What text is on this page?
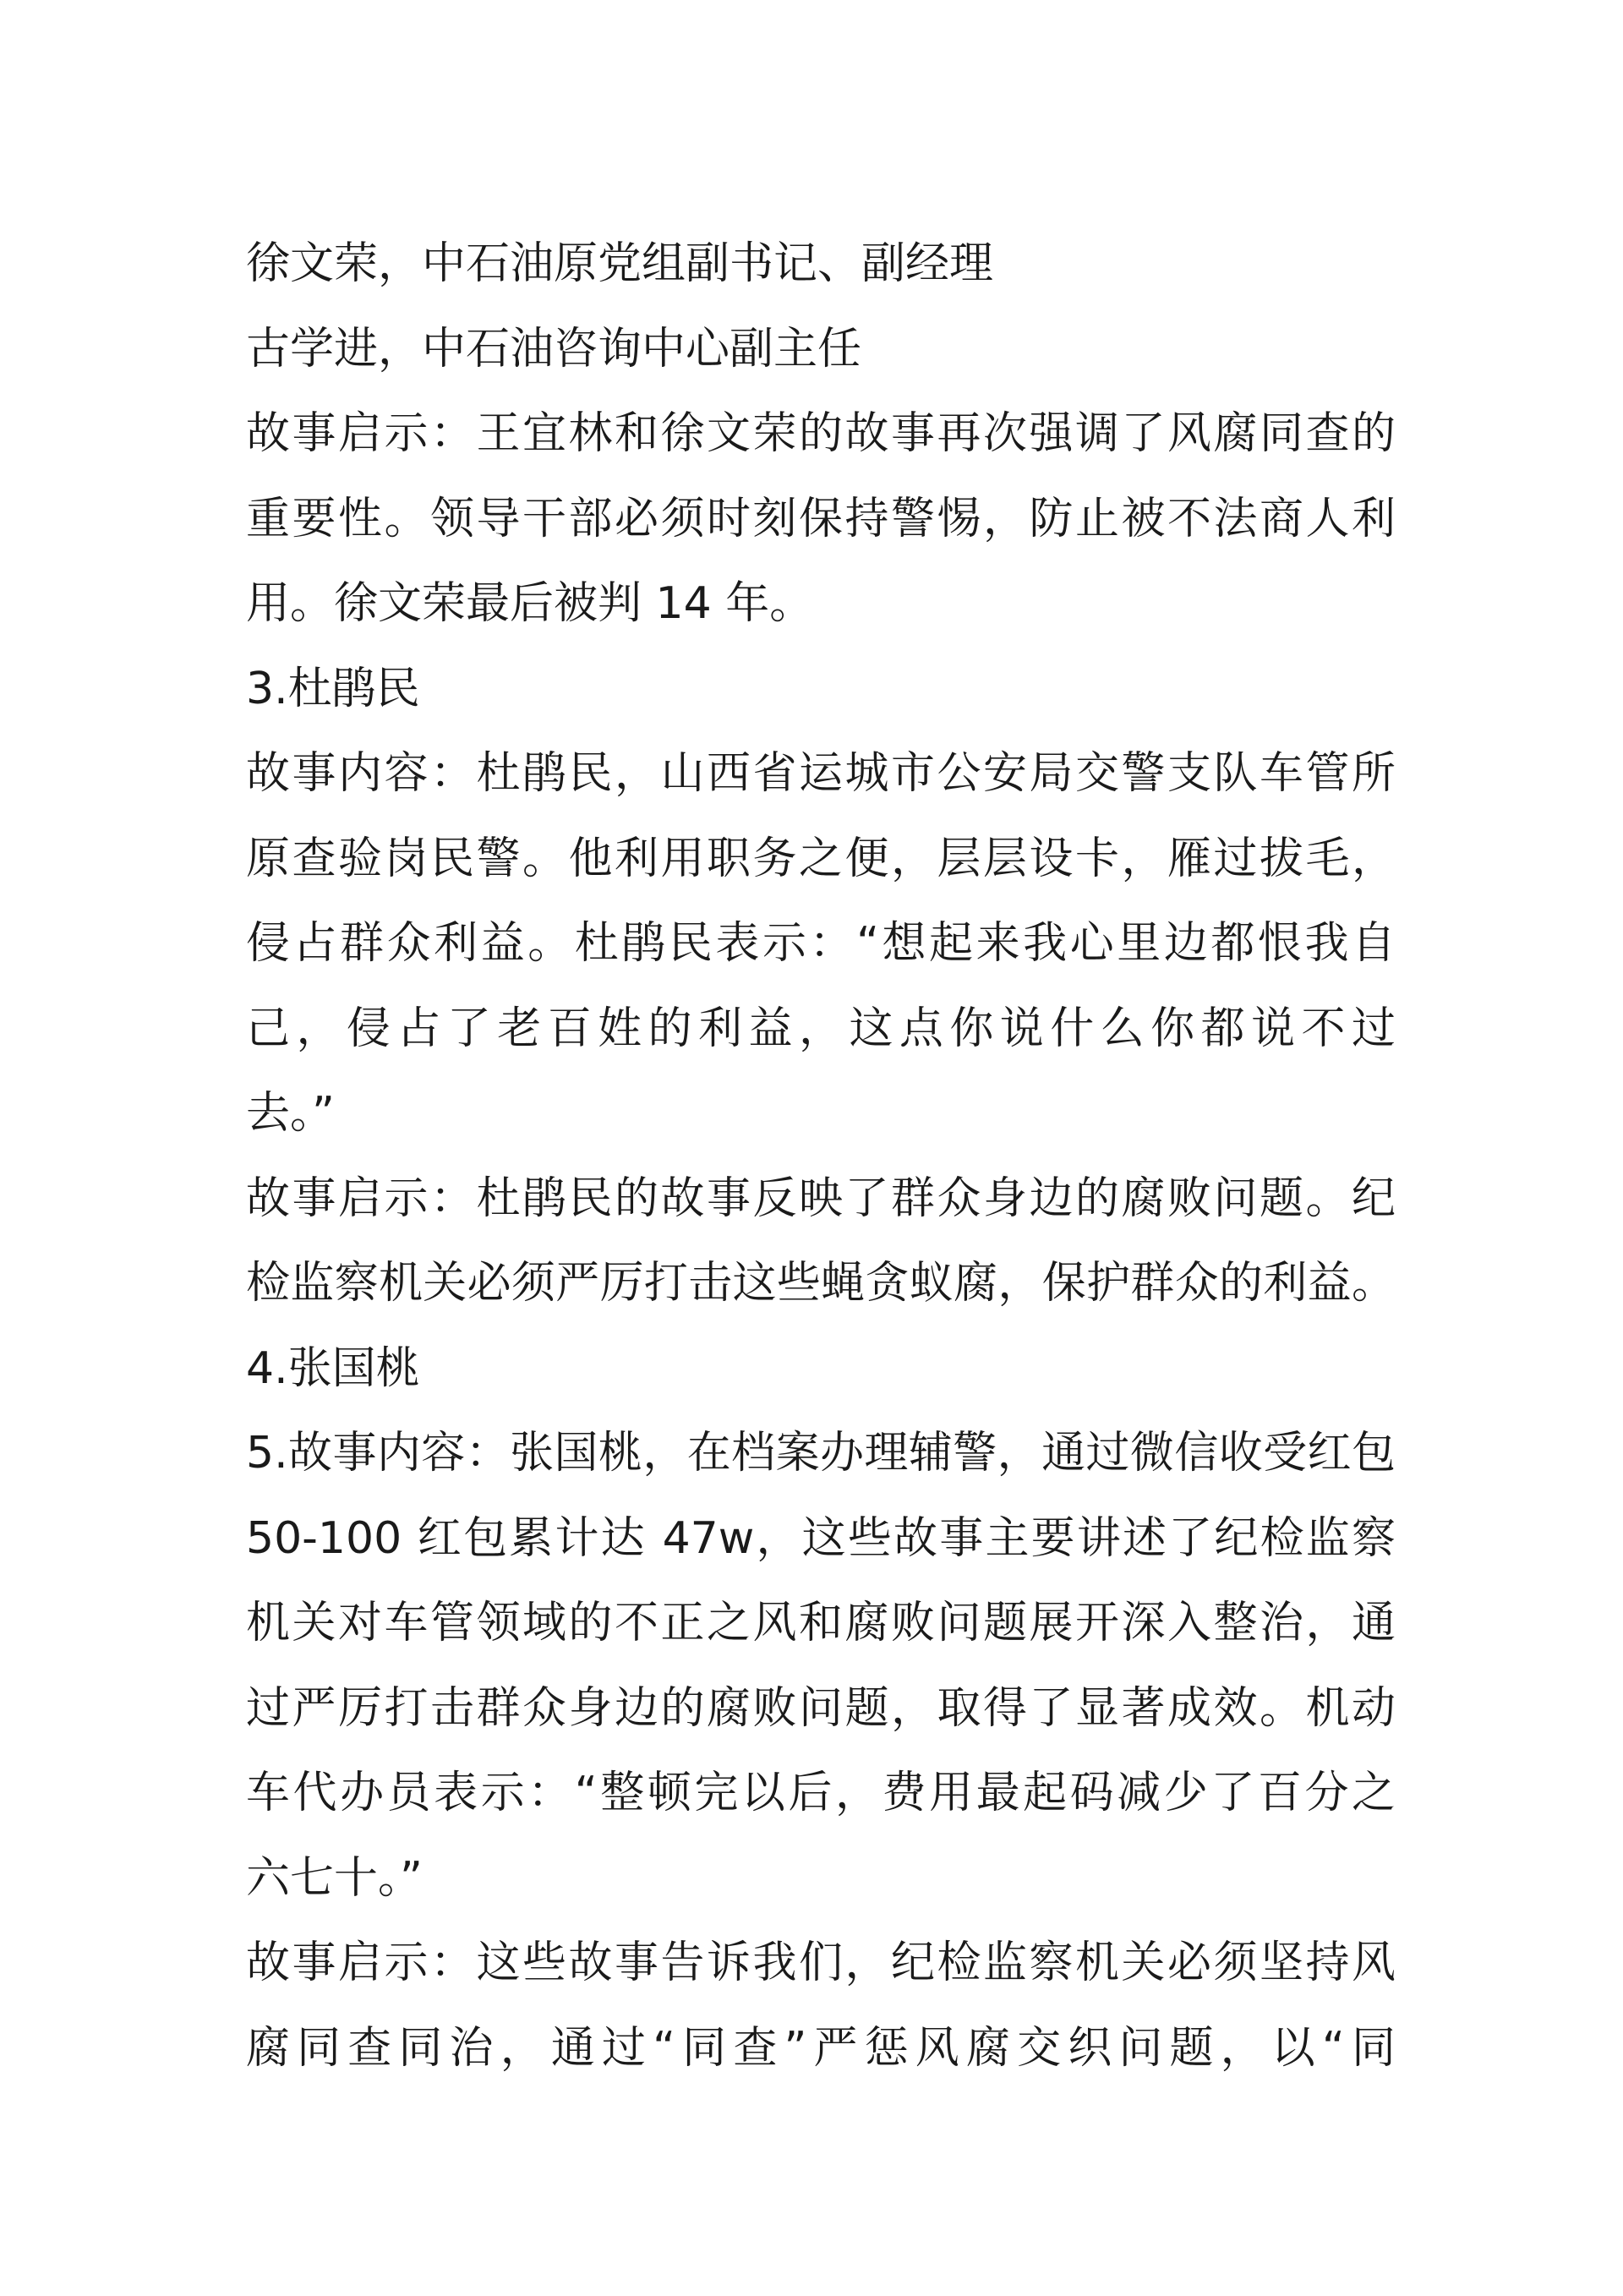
徐文荣，中石油原党组副书记、副经理
古学进，中石油咨询中心副主任
故事启示：王宜林和徐文荣的故事再次强调了风腐同查的
重要性。领导干部必须时刻保持警惕，防止被不法商人利
用。徐文荣最后被判 14 年。
3.杜鹃民
故事内容：杜鹃民，山西省运城市公安局交警支队车管所
原查验岗民警。他利用职务之便，层层设卡，雁过拔毛，
侵占群众利益。杜鹃民表示：“想起来我心里边都恨我自
己，侵占了老百姓的利益，这点你说什么你都说不过
去。”
故事启示：杜鹃民的故事反映了群众身边的腐败问题。纪
检监察机关必须严厉打击这些蝇贪蚁腐，保护群众的利益。
4.张国桃
5.故事内容：张国桃，在档案办理辅警，通过微信收受红包
50-100 红包累计达 47w，这些故事主要讲述了纪检监察
机关对车管领域的不正之风和腐败问题展开深入整治，通
过严厉打击群众身边的腐败问题，取得了显著成效。机动
车代办员表示：“整顿完以后，费用最起码减少了百分之
六七十。”
故事启示：这些故事告诉我们，纪检监察机关必须坚持风
腐同查同治，通过“同查”严惩风腐交织问题，以“同
